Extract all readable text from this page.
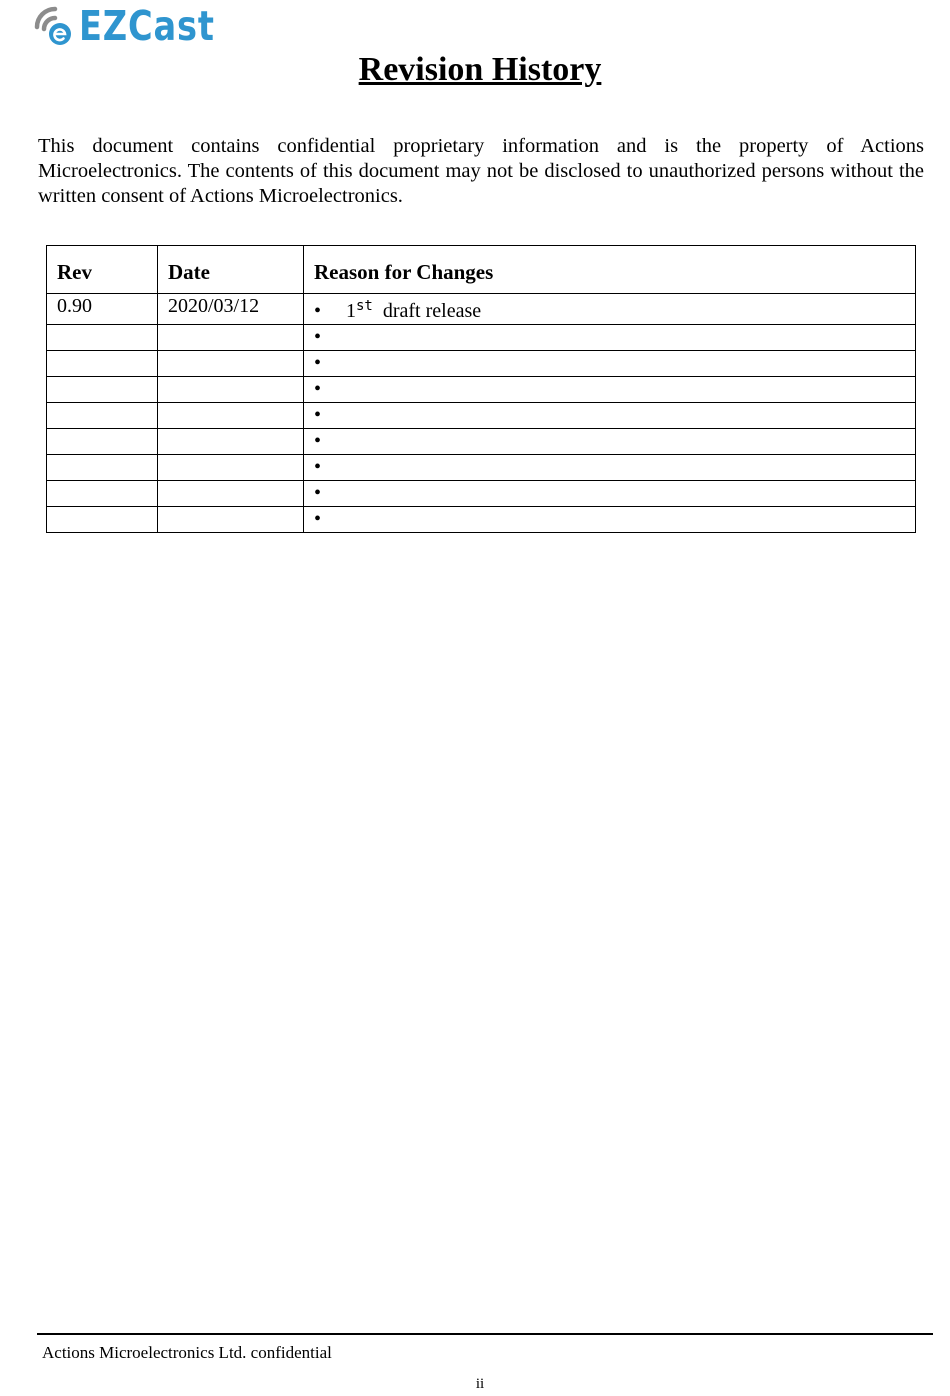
EZCast
Revision History

This document contains confidential proprietary information and is the property of Actions Microelectronics. The contents of this document may not be disclosed to unauthorized persons without the written consent of Actions Microelectronics.

Rev	Date	Reason for Changes
0.90	2020/03/12	• 1st draft release
		•
		•
		•
		•
		•
		•
		•
		•
Actions Microelectronics Ltd. confidential
ii
